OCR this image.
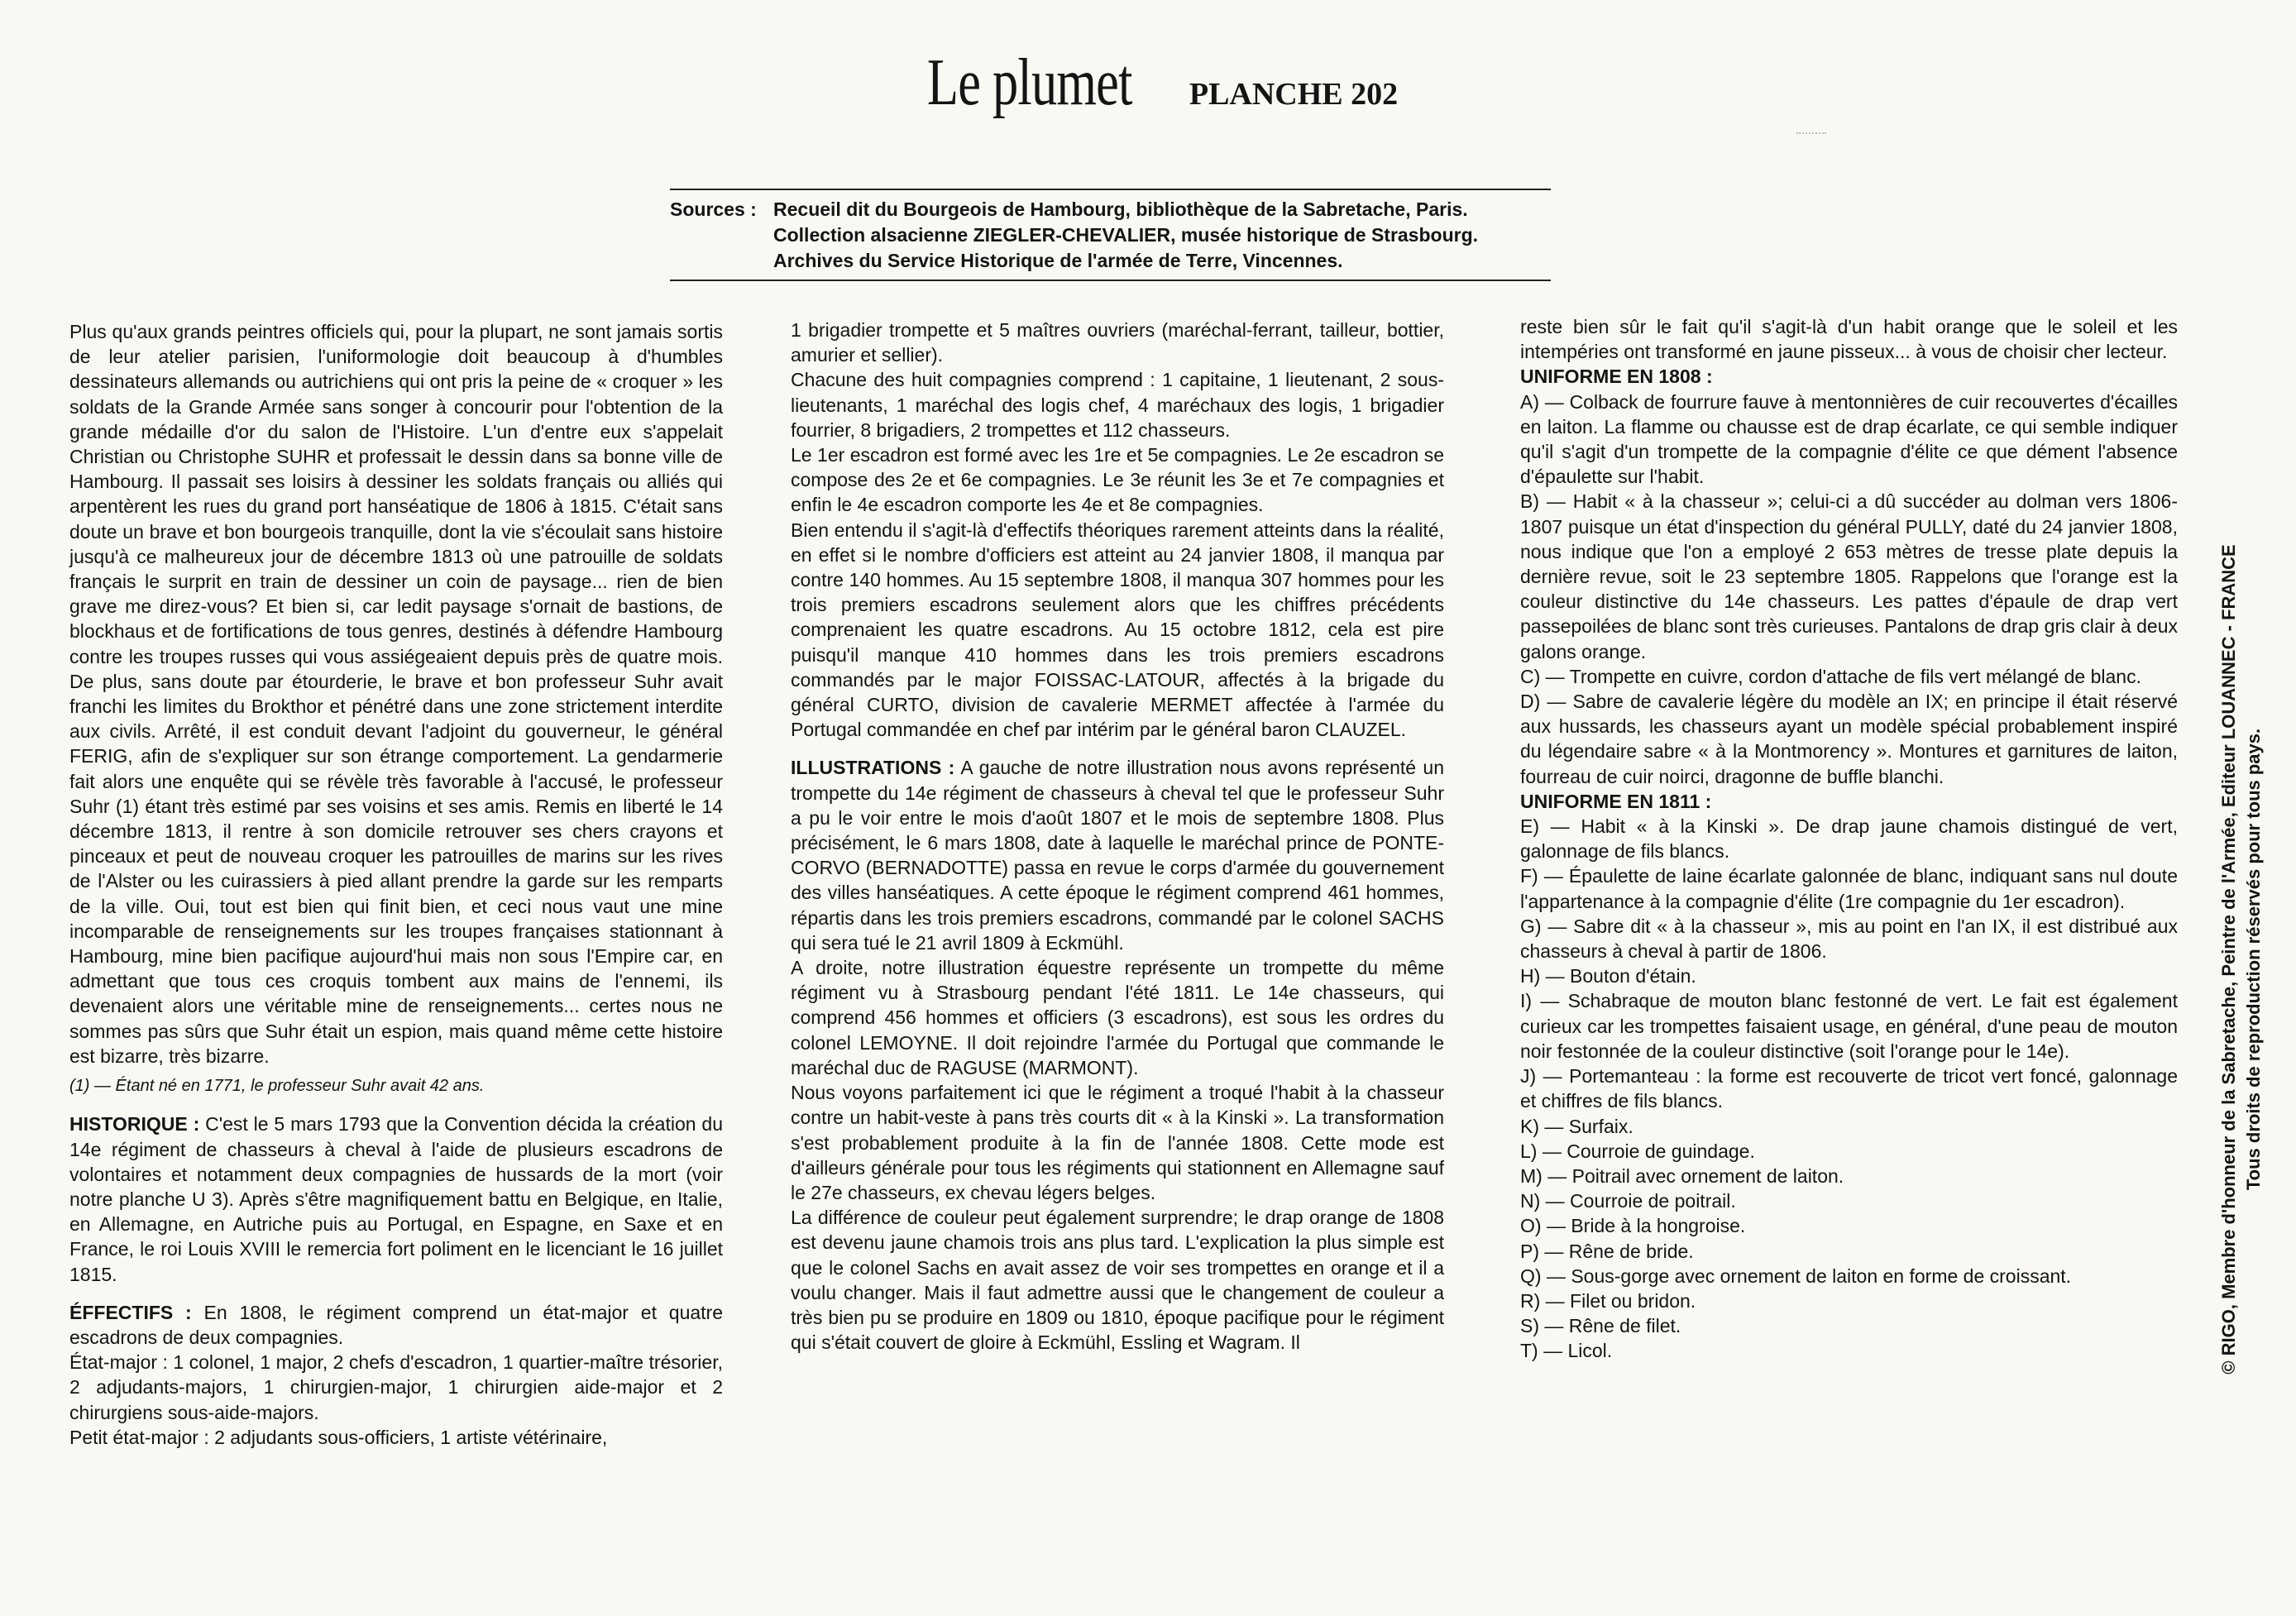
Le plumet PLANCHE 202
Sources : Recueil dit du Bourgeois de Hambourg, bibliothèque de la Sabretache, Paris.
Collection alsacienne ZIEGLER-CHEVALIER, musée historique de Strasbourg.
Archives du Service Historique de l'armée de Terre, Vincennes.

Plus qu'aux grands peintres officiels qui, pour la plupart, ne sont jamais sortis de leur atelier parisien, l'uniformologie doit beaucoup à d'humbles dessinateurs allemands ou autrichiens qui ont pris la peine de « croquer » les soldats de la Grande Armée sans songer à concourir pour l'obtention de la grande médaille d'or du salon de l'Histoire. L'un d'entre eux s'appelait Christian ou Christophe SUHR et professait le dessin dans sa bonne ville de Hambourg. Il passait ses loisirs à dessiner les soldats français ou alliés qui arpentèrent les rues du grand port hanséatique de 1806 à 1815. C'était sans doute un brave et bon bourgeois tranquille, dont la vie s'écoulait sans histoire jusqu'à ce malheureux jour de décembre 1813 où une patrouille de soldats français le surprit en train de dessiner un coin de paysage... rien de bien grave me direz-vous? Et bien si, car ledit paysage s'ornait de bastions, de blockhaus et de fortifications de tous genres, destinés à défendre Hambourg contre les troupes russes qui vous assiégeaient depuis près de quatre mois. De plus, sans doute par étourderie, le brave et bon professeur Suhr avait franchi les limites du Brokthor et pénétré dans une zone strictement interdite aux civils. Arrêté, il est conduit devant l'adjoint du gouverneur, le général FERIG, afin de s'expliquer sur son étrange comportement. La gendarmerie fait alors une enquête qui se révèle très favorable à l'accusé, le professeur Suhr (1) étant très estimé par ses voisins et ses amis. Remis en liberté le 14 décembre 1813, il rentre à son domicile retrouver ses chers crayons et pinceaux et peut de nouveau croquer les patrouilles de marins sur les rives de l'Alster ou les cuirassiers à pied allant prendre la garde sur les remparts de la ville. Oui, tout est bien qui finit bien, et ceci nous vaut une mine incomparable de renseignements sur les troupes françaises stationnant à Hambourg, mine bien pacifique aujourd'hui mais non sous l'Empire car, en admettant que tous ces croquis tombent aux mains de l'ennemi, ils devenaient alors une véritable mine de renseignements... certes nous ne sommes pas sûrs que Suhr était un espion, mais quand même cette histoire est bizarre, très bizarre.

(1) — Étant né en 1771, le professeur Suhr avait 42 ans.

HISTORIQUE : C'est le 5 mars 1793 que la Convention décida la création du 14e régiment de chasseurs à cheval à l'aide de plusieurs escadrons de volontaires et notamment deux compagnies de hussards de la mort (voir notre planche U 3). Après s'être magnifiquement battu en Belgique, en Italie, en Allemagne, en Autriche puis au Portugal, en Espagne, en Saxe et en France, le roi Louis XVIII le remercia fort poliment en le licenciant le 16 juillet 1815.

ÉFFECTIFS : En 1808, le régiment comprend un état-major et quatre escadrons de deux compagnies.

État-major : 1 colonel, 1 major, 2 chefs d'escadron, 1 quartier-maître trésorier, 2 adjudants-majors, 1 chirurgien-major, 1 chirurgien aide-major et 2 chirurgiens sous-aide-majors.

Petit état-major : 2 adjudants sous-officiers, 1 artiste vétérinaire,

1 brigadier trompette et 5 maîtres ouvriers (maréchal-ferrant, tailleur, bottier, amurier et sellier).

Chacune des huit compagnies comprend : 1 capitaine, 1 lieutenant, 2 sous-lieutenants, 1 maréchal des logis chef, 4 maréchaux des logis, 1 brigadier fourrier, 8 brigadiers, 2 trompettes et 112 chasseurs.

Le 1er escadron est formé avec les 1re et 5e compagnies. Le 2e escadron se compose des 2e et 6e compagnies. Le 3e réunit les 3e et 7e compagnies et enfin le 4e escadron comporte les 4e et 8e compagnies.

Bien entendu il s'agit-là d'effectifs théoriques rarement atteints dans la réalité, en effet si le nombre d'officiers est atteint au 24 janvier 1808, il manqua par contre 140 hommes. Au 15 septembre 1808, il manqua 307 hommes pour les trois premiers escadrons seulement alors que les chiffres précédents comprenaient les quatre escadrons. Au 15 octobre 1812, cela est pire puisqu'il manque 410 hommes dans les trois premiers escadrons commandés par le major FOISSAC-LATOUR, affectés à la brigade du général CURTO, division de cavalerie MERMET affectée à l'armée du Portugal commandée en chef par intérim par le général baron CLAUZEL.

ILLUSTRATIONS : A gauche de notre illustration nous avons représenté un trompette du 14e régiment de chasseurs à cheval tel que le professeur Suhr a pu le voir entre le mois d'août 1807 et le mois de septembre 1808. Plus précisément, le 6 mars 1808, date à laquelle le maréchal prince de PONTE-CORVO (BERNADOTTE) passa en revue le corps d'armée du gouvernement des villes hanséatiques. A cette époque le régiment comprend 461 hommes, répartis dans les trois premiers escadrons, commandé par le colonel SACHS qui sera tué le 21 avril 1809 à Eckmühl.

A droite, notre illustration équestre représente un trompette du même régiment vu à Strasbourg pendant l'été 1811. Le 14e chasseurs, qui comprend 456 hommes et officiers (3 escadrons), est sous les ordres du colonel LEMOYNE. Il doit rejoindre l'armée du Portugal que commande le maréchal duc de RAGUSE (MARMONT).

Nous voyons parfaitement ici que le régiment a troqué l'habit à la chasseur contre un habit-veste à pans très courts dit « à la Kinski ». La transformation s'est probablement produite à la fin de l'année 1808. Cette mode est d'ailleurs générale pour tous les régiments qui stationnent en Allemagne sauf le 27e chasseurs, ex chevau légers belges.

La différence de couleur peut également surprendre; le drap orange de 1808 est devenu jaune chamois trois ans plus tard. L'explication la plus simple est que le colonel Sachs en avait assez de voir ses trompettes en orange et il a voulu changer. Mais il faut admettre aussi que le changement de couleur a très bien pu se produire en 1809 ou 1810, époque pacifique pour le régiment qui s'était couvert de gloire à Eckmühl, Essling et Wagram. Il

reste bien sûr le fait qu'il s'agit-là d'un habit orange que le soleil et les intempéries ont transformé en jaune pisseux... à vous de choisir cher lecteur.

UNIFORME EN 1808 :

A) — Colback de fourrure fauve à mentonnières de cuir recouvertes d'écailles en laiton. La flamme ou chausse est de drap écarlate, ce qui semble indiquer qu'il s'agit d'un trompette de la compagnie d'élite ce que dément l'absence d'épaulette sur l'habit.

B) — Habit « à la chasseur »; celui-ci a dû succéder au dolman vers 1806-1807 puisque un état d'inspection du général PULLY, daté du 24 janvier 1808, nous indique que l'on a employé 2 653 mètres de tresse plate depuis la dernière revue, soit le 23 septembre 1805. Rappelons que l'orange est la couleur distinctive du 14e chasseurs. Les pattes d'épaule de drap vert passepoilées de blanc sont très curieuses. Pantalons de drap gris clair à deux galons orange.

C) — Trompette en cuivre, cordon d'attache de fils vert mélangé de blanc.

D) — Sabre de cavalerie légère du modèle an IX; en principe il était réservé aux hussards, les chasseurs ayant un modèle spécial probablement inspiré du légendaire sabre « à la Montmorency ». Montures et garnitures de laiton, fourreau de cuir noirci, dragonne de buffle blanchi.

UNIFORME EN 1811 :

E) — Habit « à la Kinski ». De drap jaune chamois distingué de vert, galonnage de fils blancs.

F) — Épaulette de laine écarlate galonnée de blanc, indiquant sans nul doute l'appartenance à la compagnie d'élite (1re compagnie du 1er escadron).

G) — Sabre dit « à la chasseur », mis au point en l'an IX, il est distribué aux chasseurs à cheval à partir de 1806.

H) — Bouton d'étain.

I) — Schabraque de mouton blanc festonné de vert. Le fait est également curieux car les trompettes faisaient usage, en général, d'une peau de mouton noir festonnée de la couleur distinctive (soit l'orange pour le 14e).

J) — Portemanteau : la forme est recouverte de tricot vert foncé, galonnage et chiffres de fils blancs.

K) — Surfaix.

L) — Courroie de guindage.

M) — Poitrail avec ornement de laiton.

N) — Courroie de poitrail.

O) — Bride à la hongroise.

P) — Rêne de bride.

Q) — Sous-gorge avec ornement de laiton en forme de croissant.

R) — Filet ou bridon.

S) — Rêne de filet.

T) — Licol.	© RIGO, Membre d'honneur de la Sabretache, Peintre de l'Armée, Editeur LOUANNEC - FRANCE Tous droits de reproduction réservés pour tous pays.
